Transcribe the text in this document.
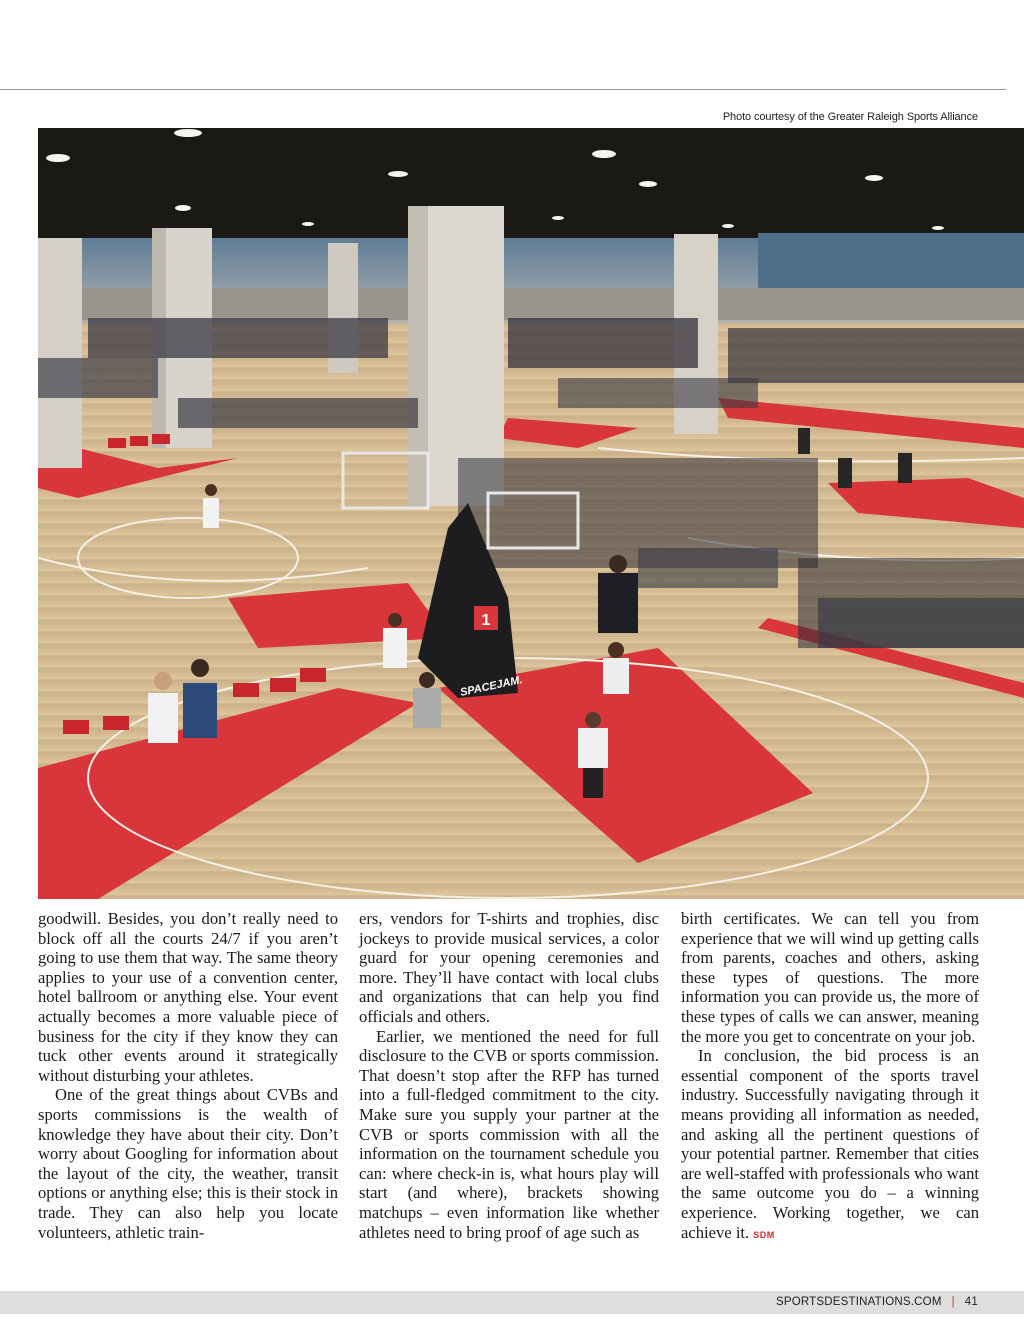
Photo courtesy of the Greater Raleigh Sports Alliance
1
SPACEJAM.

goodwill. Besides, you don’t really need to block off all the courts 24/7 if you aren’t going to use them that way. The same theory applies to your use of a convention center, hotel ballroom or anything else. Your event actually becomes a more valuable piece of business for the city if they know they can tuck other events around it strategically without disturbing your athletes.

One of the great things about CVBs and sports commissions is the wealth of knowledge they have about their city. Don’t worry about Googling for information about the layout of the city, the weather, transit options or anything else; this is their stock in trade. They can also help you locate volunteers, athletic train-

ers, vendors for T-shirts and trophies, disc jockeys to provide musical services, a color guard for your opening ceremonies and more. They’ll have contact with local clubs and organizations that can help you find officials and others.

Earlier, we mentioned the need for full disclosure to the CVB or sports commission. That doesn’t stop after the RFP has turned into a full-fledged commitment to the city. Make sure you supply your partner at the CVB or sports commission with all the information on the tournament schedule you can: where check-in is, what hours play will start (and where), brackets showing matchups – even information like whether athletes need to bring proof of age such as

birth certificates. We can tell you from experience that we will wind up getting calls from parents, coaches and others, asking these types of questions. The more information you can provide us, the more of these types of calls we can answer, meaning the more you get to concentrate on your job.

In conclusion, the bid process is an essential component of the sports travel industry. Successfully navigating through it means providing all information as needed, and asking all the pertinent questions of your potential partner. Remember that cities are well-staffed with professionals who want the same outcome you do – a winning experience. Working together, we can achieve it. SDM

SPORTSDESTINATIONS.COM | 41
